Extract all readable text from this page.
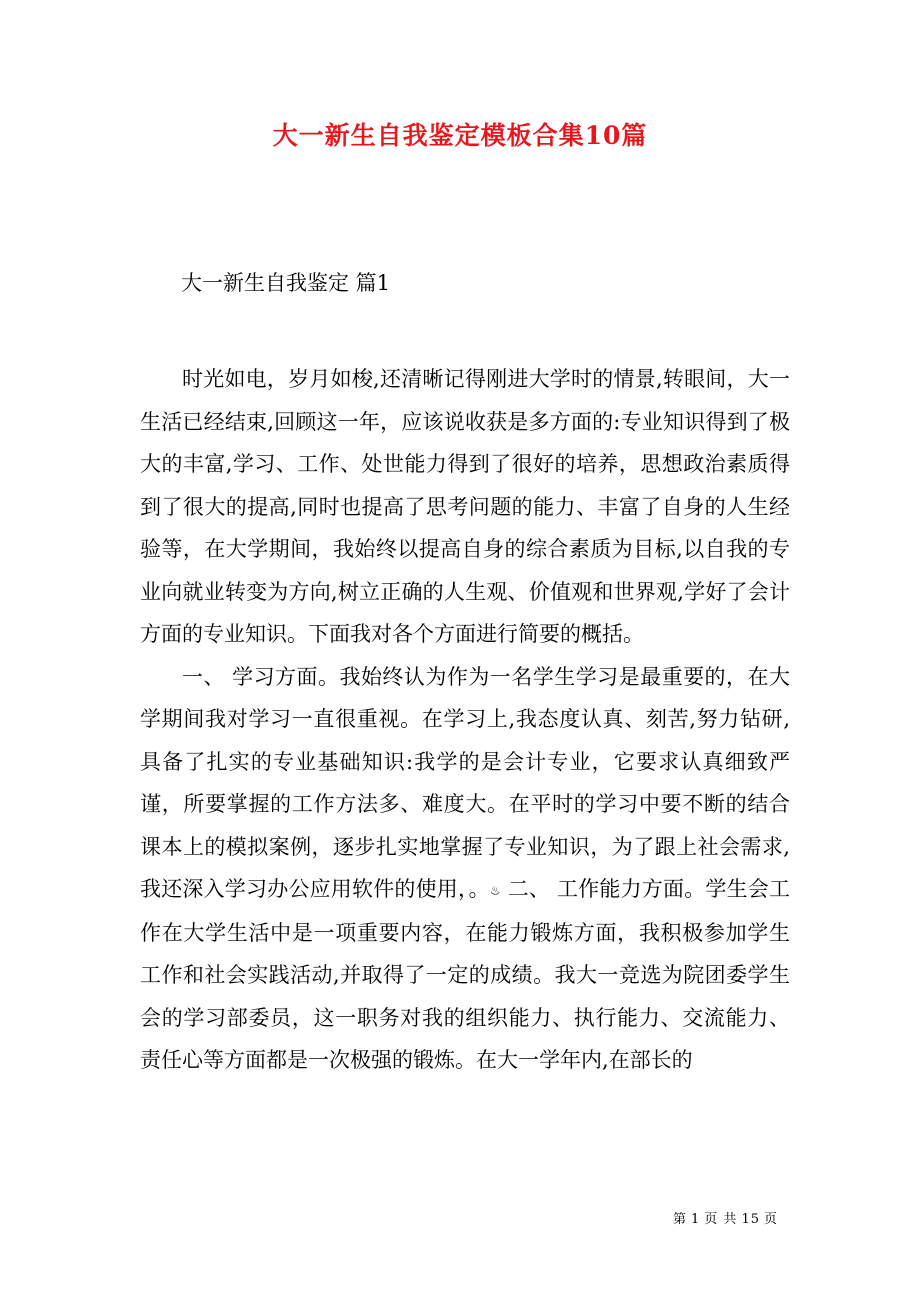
大一新生自我鉴定模板合集10篇
大一新生自我鉴定 篇1

时光如电，岁月如梭,还清晰记得刚进大学时的情景,转眼间，大一生活已经结束,回顾这一年，应该说收获是多方面的:专业知识得到了极大的丰富,学习、工作、处世能力得到了很好的培养，思想政治素质得到了很大的提高,同时也提高了思考问题的能力、丰富了自身的人生经验等，在大学期间，我始终以提高自身的综合素质为目标,以自我的专业向就业转变为方向,树立正确的人生观、价值观和世界观,学好了会计方面的专业知识。下面我对各个方面进行简要的概括。

一、 学习方面。我始终认为作为一名学生学习是最重要的，在大学期间我对学习一直很重视。在学习上,我态度认真、刻苦,努力钻研,具备了扎实的专业基础知识:我学的是会计专业，它要求认真细致严谨，所要掌握的工作方法多、难度大。在平时的学习中要不断的结合课本上的模拟案例，逐步扎实地掌握了专业知识，为了跟上社会需求,我还深入学习办公应用软件的使用，。♨ 二、 工作能力方面。学生会工作在大学生活中是一项重要内容，在能力锻炼方面，我积极参加学生工作和社会实践活动,并取得了一定的成绩。我大一竞选为院团委学生会的学习部委员，这一职务对我的组织能力、执行能力、交流能力、责任心等方面都是一次极强的锻炼。在大一学年内,在部长的

第 1 页 共 15 页
